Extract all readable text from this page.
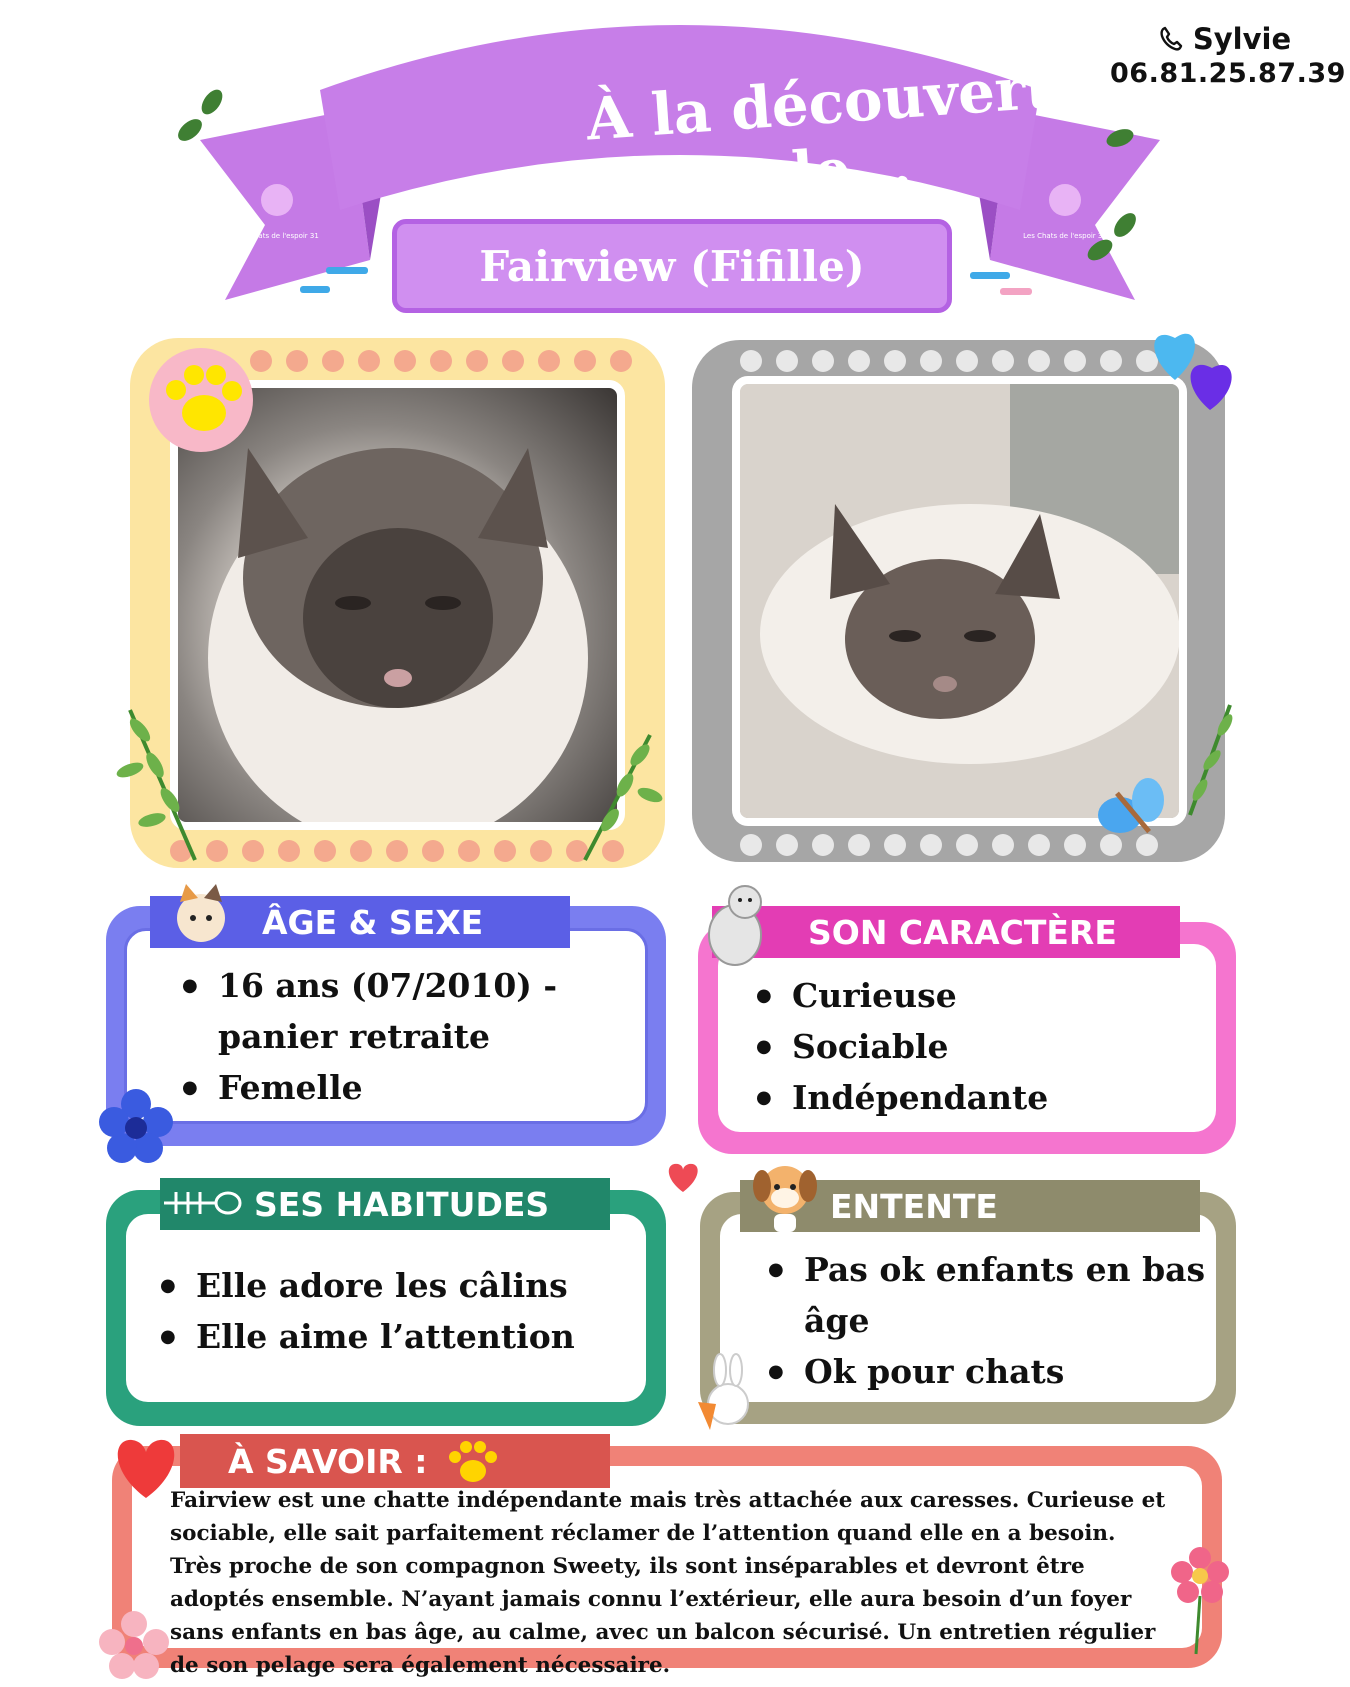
Sylvie
06.81.25.87.39
Les Chats de l'espoir 31	Les Chats de l'espoir 31
À la découverte de...
Fairview (Fifille)
ÂGE & SEXE
● 16 ans (07/2010) - panier retraite
● Femelle
SON CARACTÈRE
● Curieuse
● Sociable
● Indépendante
SES HABITUDES
● Elle adore les câlins
● Elle aime l’attention
ENTENTE
● Pas ok enfants en bas âge
● Ok pour chats
À SAVOIR :
Fairview est une chatte indépendante mais très attachée aux caresses. Curieuse et sociable, elle sait parfaitement réclamer de l’attention quand elle en a besoin. Très proche de son compagnon Sweety, ils sont inséparables et devront être adoptés ensemble. N’ayant jamais connu l’extérieur, elle aura besoin d’un foyer sans enfants en bas âge, au calme, avec un balcon sécurisé. Un entretien régulier de son pelage sera également nécessaire.
